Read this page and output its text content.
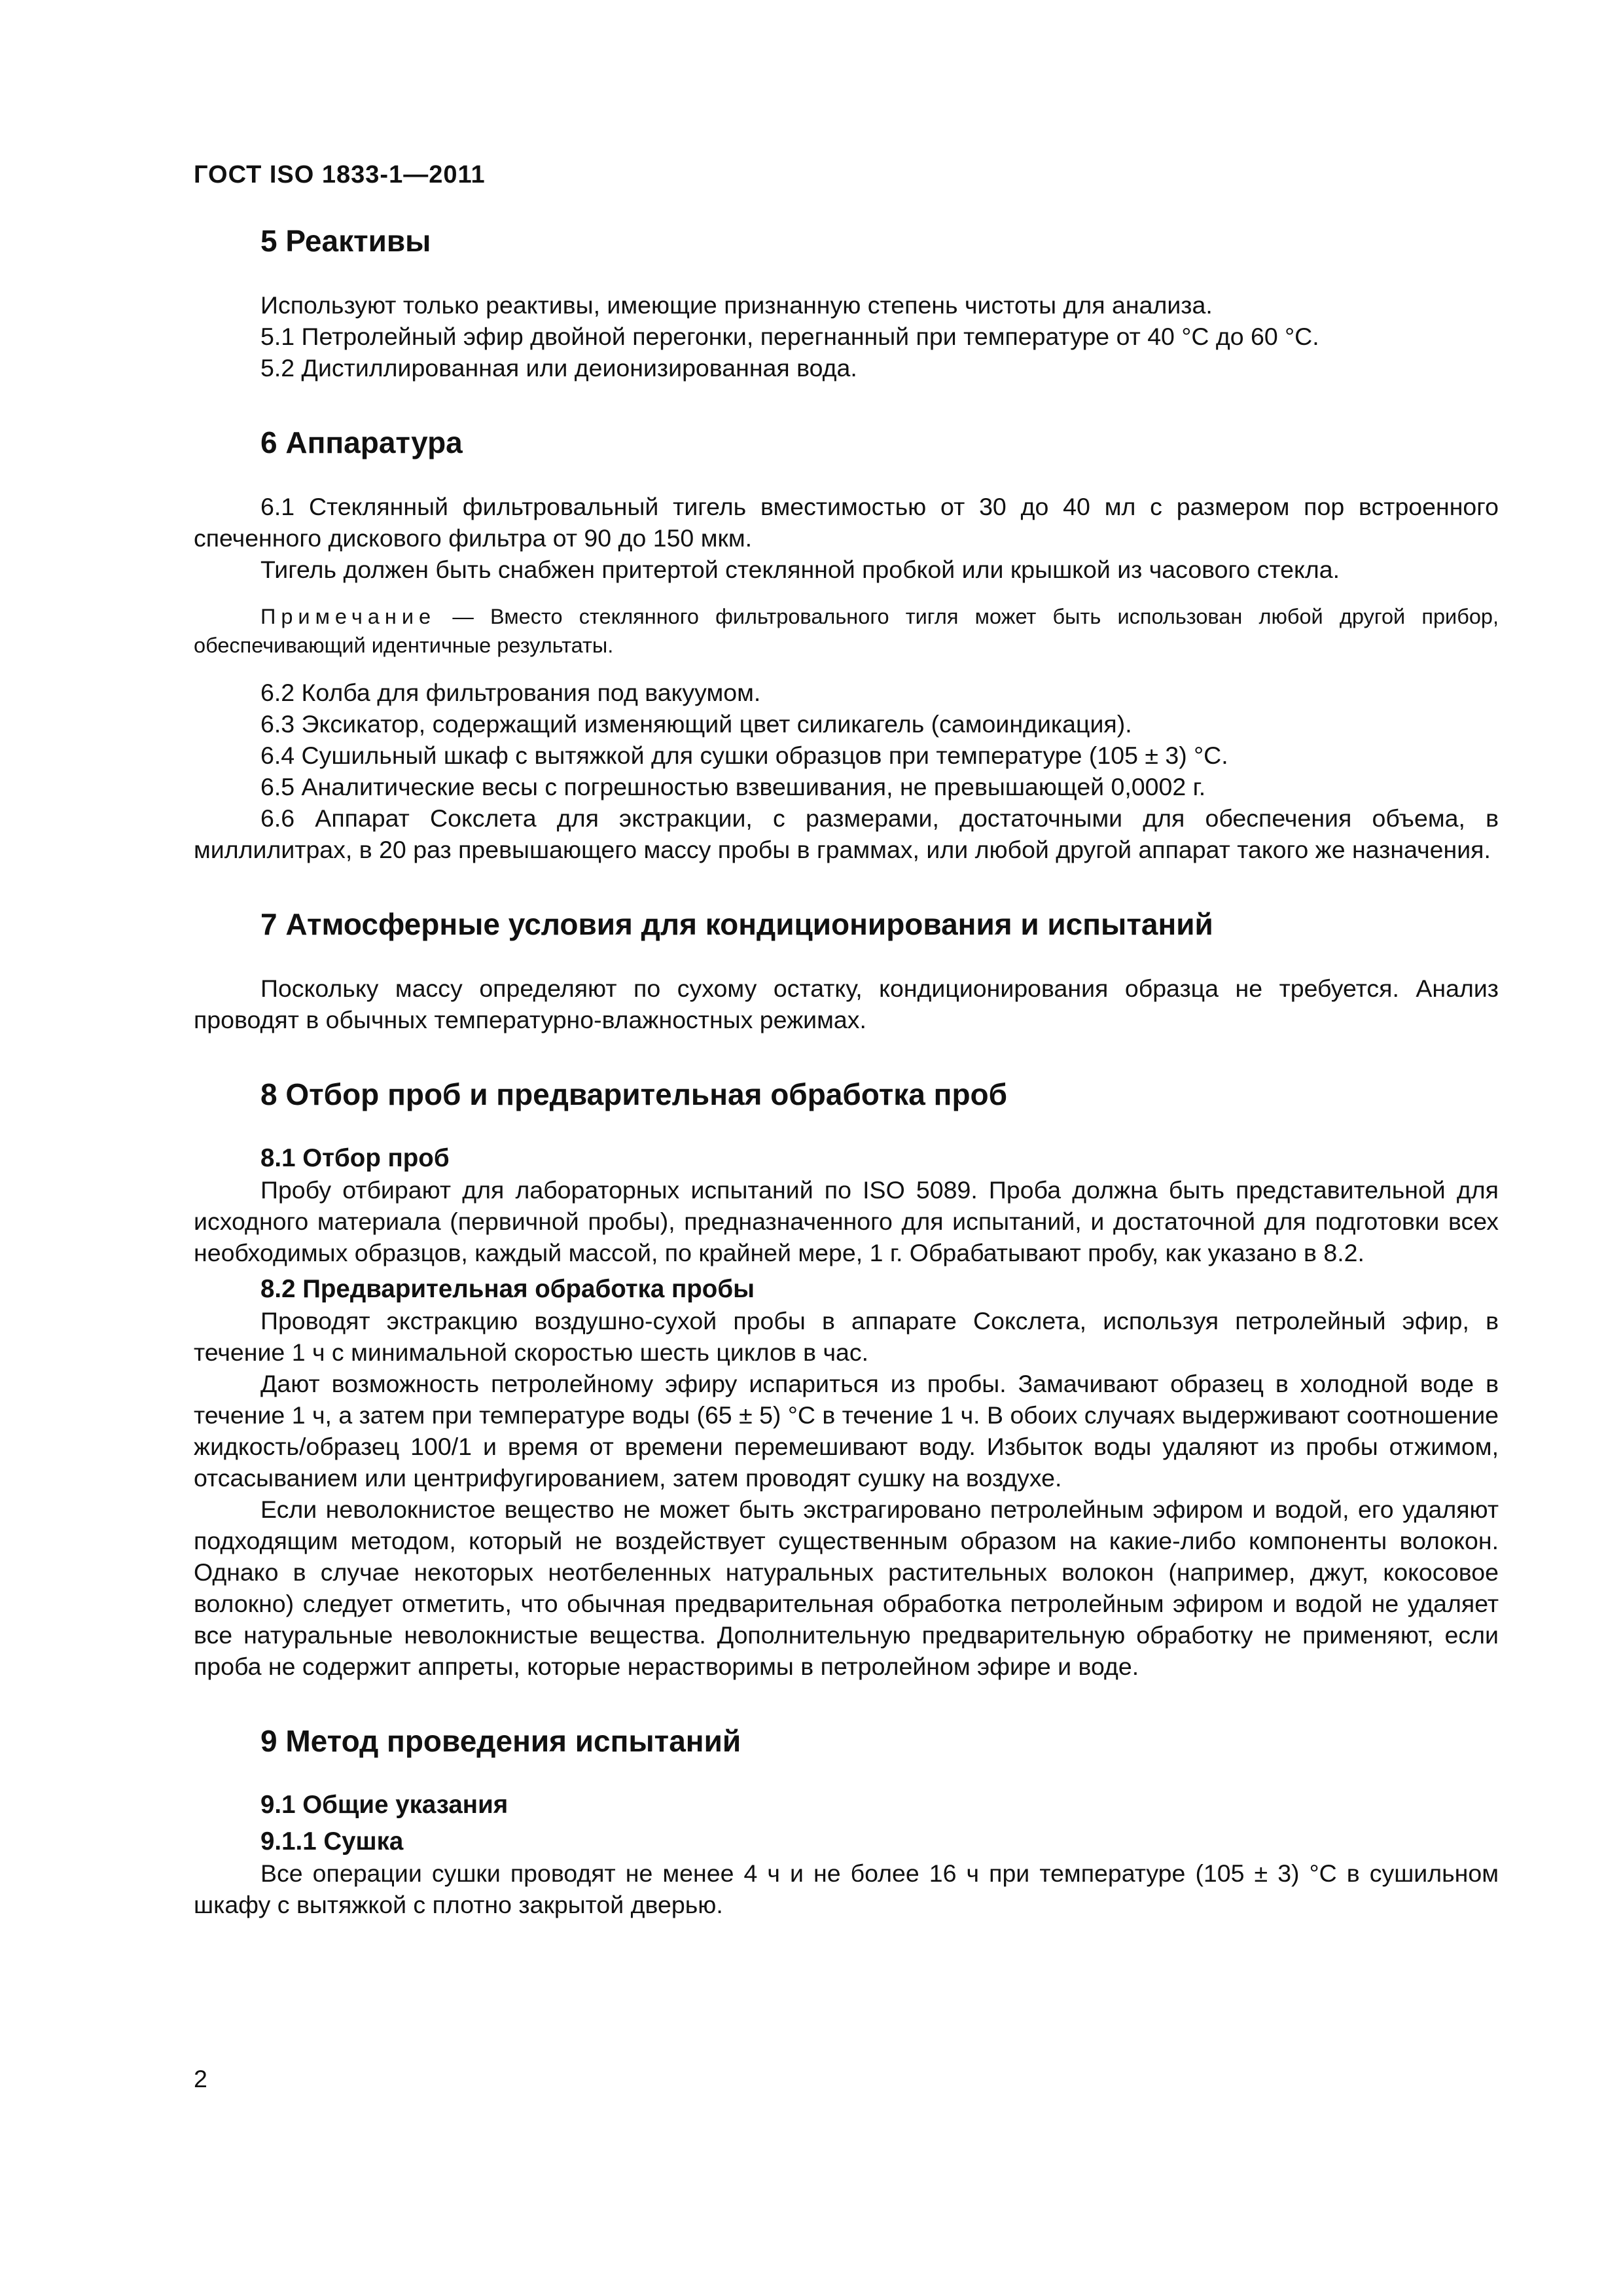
ГОСТ ISO 1833-1—2011
5 Реактивы

Используют только реактивы, имеющие признанную степень чистоты для анализа.

5.1 Петролейный эфир двойной перегонки, перегнанный при температуре от 40 °С до 60 °С.

5.2 Дистиллированная или деионизированная вода.

6 Аппаратура

6.1 Стеклянный фильтровальный тигель вместимостью от 30 до 40 мл с размером пор встроенного спеченного дискового фильтра от 90 до 150 мкм.

Тигель должен быть снабжен притертой стеклянной пробкой или крышкой из часового стекла.

Примечание — Вместо стеклянного фильтровального тигля может быть использован любой другой прибор, обеспечивающий идентичные результаты.

6.2 Колба для фильтрования под вакуумом.

6.3 Эксикатор, содержащий изменяющий цвет силикагель (самоиндикация).

6.4 Сушильный шкаф с вытяжкой для сушки образцов при температуре (105 ± 3) °С.

6.5 Аналитические весы с погрешностью взвешивания, не превышающей 0,0002 г.

6.6 Аппарат Сокслета для экстракции, с размерами, достаточными для обеспечения объема, в миллилитрах, в 20 раз превышающего массу пробы в граммах, или любой другой аппарат такого же назначения.

7 Атмосферные условия для кондиционирования и испытаний

Поскольку массу определяют по сухому остатку, кондиционирования образца не требуется. Анализ проводят в обычных температурно-влажностных режимах.

8 Отбор проб и предварительная обработка проб
8.1 Отбор проб

Пробу отбирают для лабораторных испытаний по ISO 5089. Проба должна быть представительной для исходного материала (первичной пробы), предназначенного для испытаний, и достаточной для подготовки всех необходимых образцов, каждый массой, по крайней мере, 1 г. Обрабатывают пробу, как указано в 8.2.

8.2 Предварительная обработка пробы

Проводят экстракцию воздушно-сухой пробы в аппарате Сокслета, используя петролейный эфир, в течение 1 ч с минимальной скоростью шесть циклов в час.

Дают возможность петролейному эфиру испариться из пробы. Замачивают образец в холодной воде в течение 1 ч, а затем при температуре воды (65 ± 5) °С в течение 1 ч. В обоих случаях выдерживают соотношение жидкость/образец 100/1 и время от времени перемешивают воду. Избыток воды удаляют из пробы отжимом, отсасыванием или центрифугированием, затем проводят сушку на воздухе.

Если неволокнистое вещество не может быть экстрагировано петролейным эфиром и водой, его удаляют подходящим методом, который не воздействует существенным образом на какие-либо компоненты волокон. Однако в случае некоторых неотбеленных натуральных растительных волокон (например, джут, кокосовое волокно) следует отметить, что обычная предварительная обработка петролейным эфиром и водой не удаляет все натуральные неволокнистые вещества. Дополнительную предварительную обработку не применяют, если проба не содержит аппреты, которые нерастворимы в петролейном эфире и воде.

9 Метод проведения испытаний
9.1 Общие указания
9.1.1 Сушка

Все операции сушки проводят не менее 4 ч и не более 16 ч при температуре (105 ± 3) °С в сушильном шкафу с вытяжкой с плотно закрытой дверью.

2
